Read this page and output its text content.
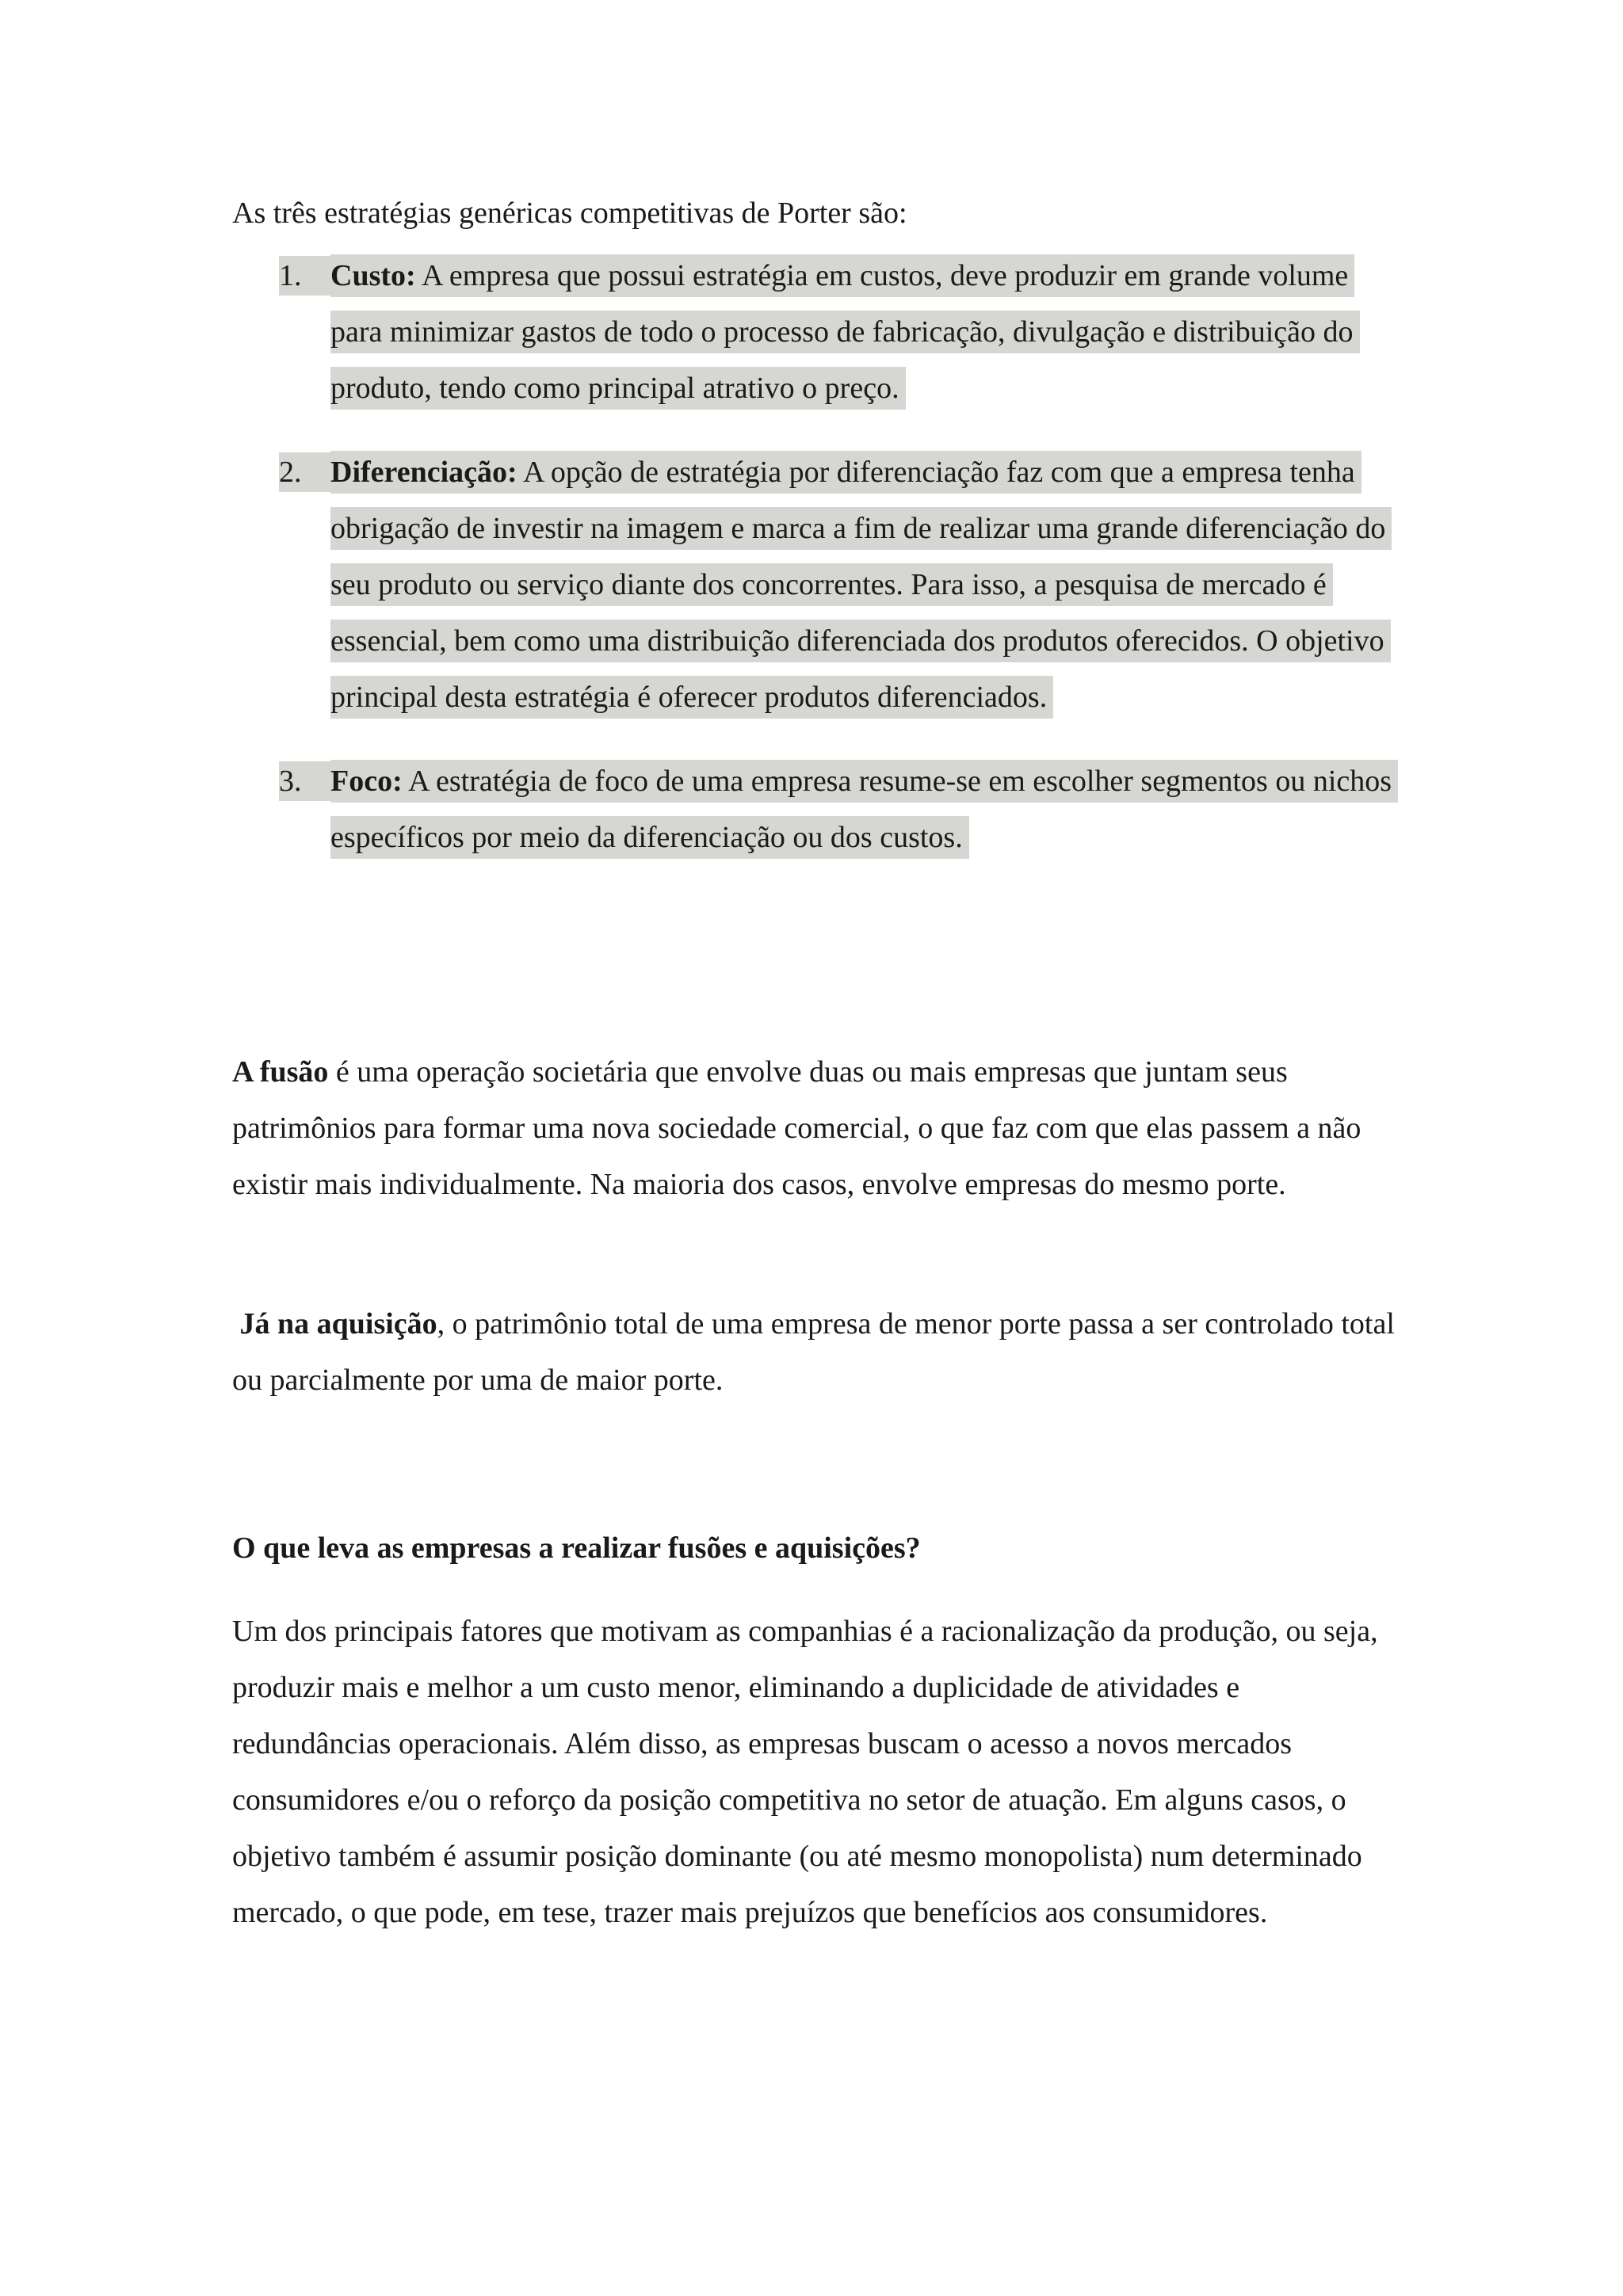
As três estratégias genéricas competitivas de Porter são:

1. Custo: A empresa que possui estratégia em custos, deve produzir em grande volume para minimizar gastos de todo o processo de fabricação, divulgação e distribuição do produto, tendo como principal atrativo o preço.
2. Diferenciação: A opção de estratégia por diferenciação faz com que a empresa tenha obrigação de investir na imagem e marca a fim de realizar uma grande diferenciação do seu produto ou serviço diante dos concorrentes. Para isso, a pesquisa de mercado é essencial, bem como uma distribuição diferenciada dos produtos oferecidos. O objetivo principal desta estratégia é oferecer produtos diferenciados.
3. Foco: A estratégia de foco de uma empresa resume-se em escolher segmentos ou nichos específicos por meio da diferenciação ou dos custos.

A fusão é uma operação societária que envolve duas ou mais empresas que juntam seus patrimônios para formar uma nova sociedade comercial, o que faz com que elas passem a não existir mais individualmente. Na maioria dos casos, envolve empresas do mesmo porte.

Já na aquisição, o patrimônio total de uma empresa de menor porte passa a ser controlado total ou parcialmente por uma de maior porte.

O que leva as empresas a realizar fusões e aquisições?

Um dos principais fatores que motivam as companhias é a racionalização da produção, ou seja, produzir mais e melhor a um custo menor, eliminando a duplicidade de atividades e redundâncias operacionais. Além disso, as empresas buscam o acesso a novos mercados consumidores e/ou o reforço da posição competitiva no setor de atuação. Em alguns casos, o objetivo também é assumir posição dominante (ou até mesmo monopolista) num determinado mercado, o que pode, em tese, trazer mais prejuízos que benefícios aos consumidores.
